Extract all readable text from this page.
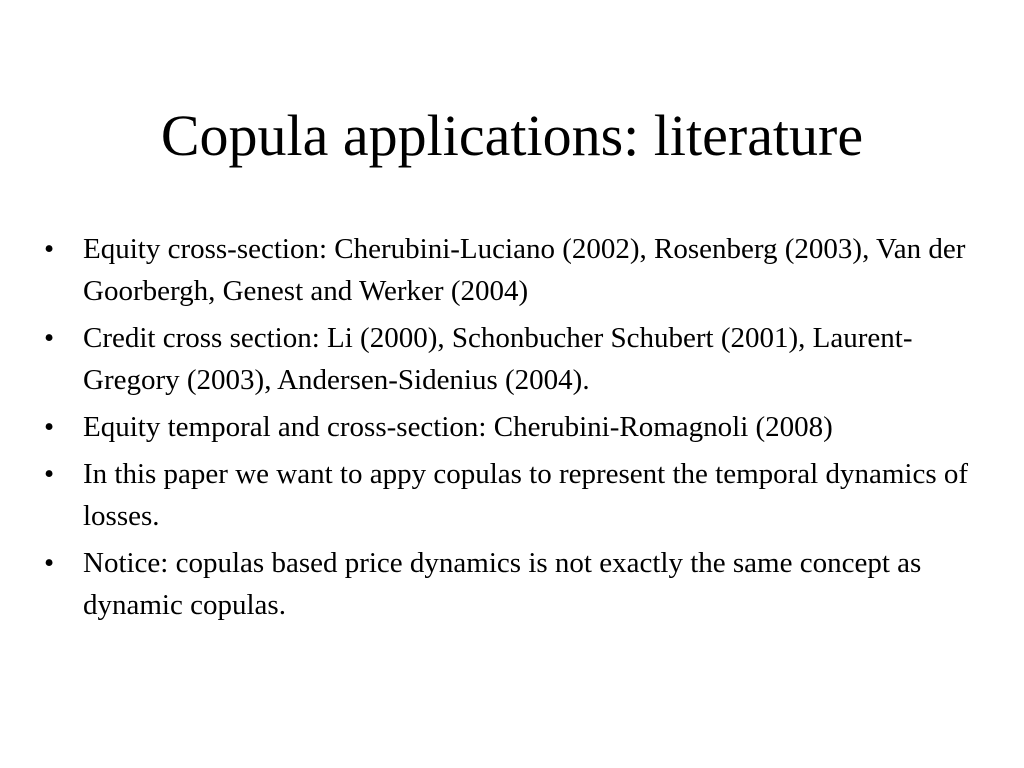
Copula applications: literature
• Equity cross-section: Cherubini-Luciano (2002), Rosenberg (2003), Van der Goorbergh, Genest and Werker (2004)
• Credit cross section: Li (2000), Schonbucher Schubert (2001), Laurent-Gregory (2003), Andersen-Sidenius (2004).
• Equity temporal and cross-section: Cherubini-Romagnoli (2008)
• In this paper we want to appy copulas to represent the temporal dynamics of losses.
• Notice: copulas based price dynamics is not exactly the same concept as dynamic copulas.
